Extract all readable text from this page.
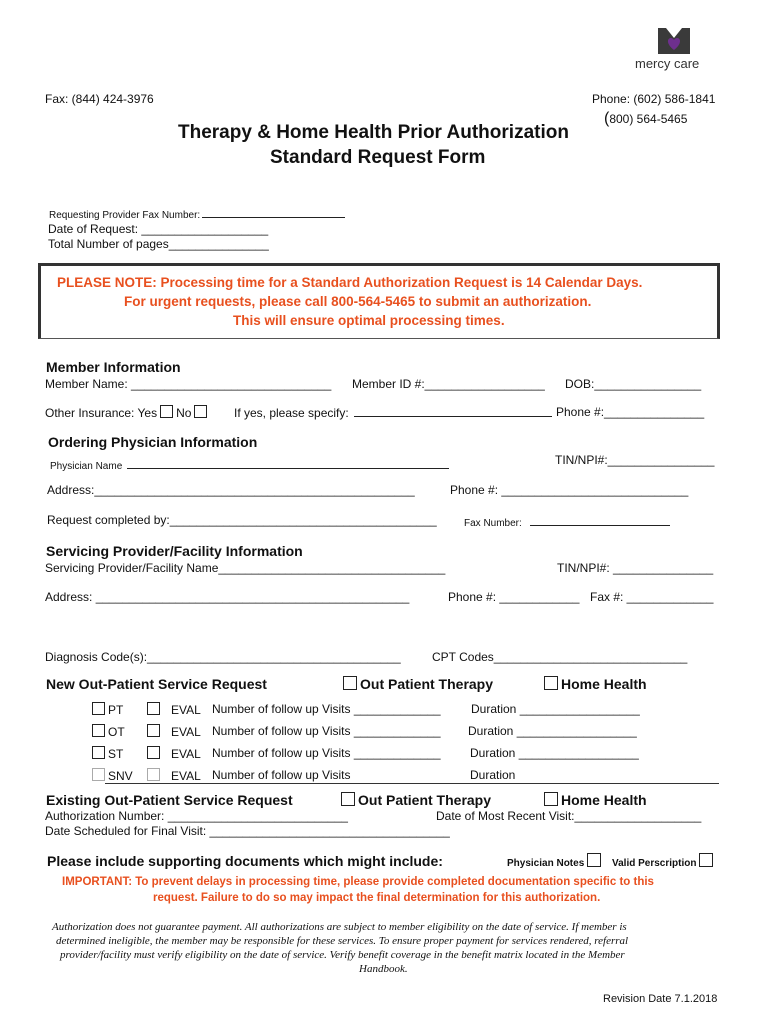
mercy care
Fax: (844) 424-3976	Phone: (602) 586-1841
(800) 564-5465
Therapy & Home Health Prior Authorization
Standard Request Form
Requesting Provider Fax Number:
Date of Request: ___________________
Total Number of pages_______________
PLEASE NOTE: Processing time for a Standard Authorization Request is 14 Calendar Days.
For urgent requests, please call 800-564-5465 to submit an authorization.
This will ensure optimal processing times.
Member Information
Member Name: ______________________________ Member ID #:__________________ DOB:________________
Other Insurance: Yes No	If yes, please specify:	Phone #:_______________
Ordering Physician Information
TIN/NPI#:________________
Physician Name
Address:________________________________________________	Phone #: ____________________________
Request completed by:________________________________________	Fax Number:
Servicing Provider/Facility Information
Servicing Provider/Facility Name__________________________________	TIN/NPI#: _______________
Address: _______________________________________________	Phone #: ____________ Fax #: _____________
Diagnosis Code(s):______________________________________	CPT Codes_____________________________
New Out-Patient Service Request	Out Patient Therapy	Home Health
PT	EVAL Number of follow up Visits _____________	Duration __________________
OT	EVAL Number of follow up Visits _____________ Duration __________________
ST	EVAL Number of follow up Visits _____________ Duration __________________
SNV	EVAL Number of follow up Visits	Duration
Existing Out-Patient Service Request	Out Patient Therapy	Home Health
Authorization Number: ___________________________	Date of Most Recent Visit:___________________
Date Scheduled for Final Visit: ____________________________________
Please include supporting documents which might include:	Physician Notes	Valid Perscription
IMPORTANT: To prevent delays in processing time, please provide completed documentation specific to this
request. Failure to do so may impact the final determination for this authorization.
Authorization does not guarantee payment. All authorizations are subject to member eligibility on the date of service. If member is
determined ineligible, the member may be responsible for these services. To ensure proper payment for services rendered, referral
provider/facility must verify eligibility on the date of service. Verify benefit coverage in the benefit matrix located in the Member
Handbook.
Revision Date 7.1.2018
